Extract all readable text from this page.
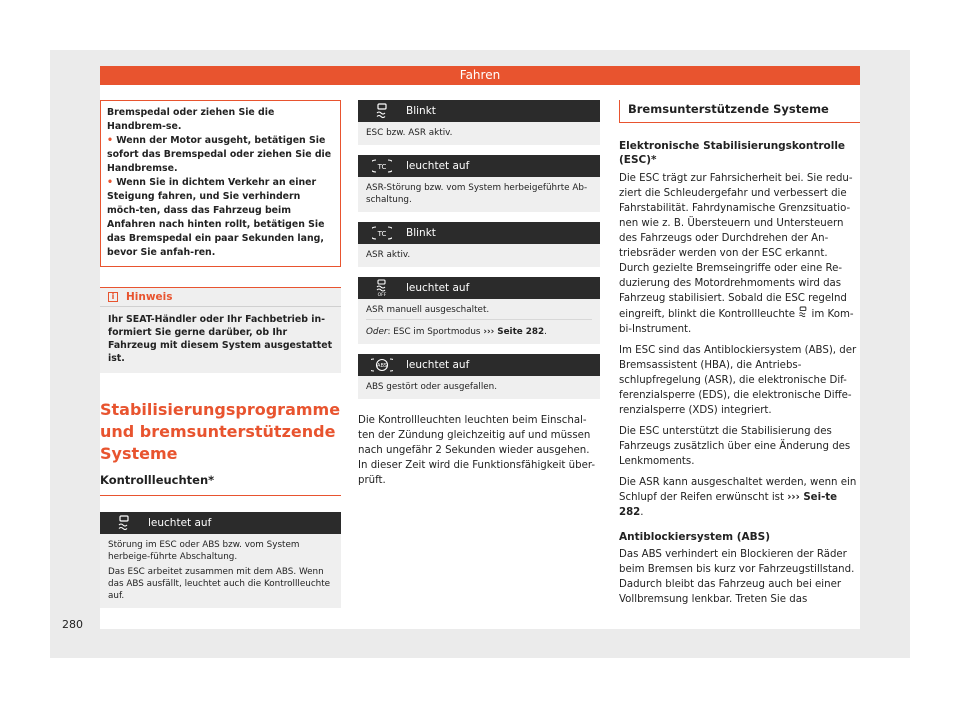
Fahren
280

Bremspedal oder ziehen Sie die Handbrem-se.

• Wenn der Motor ausgeht, betätigen Sie sofort das Bremspedal oder ziehen Sie die Handbremse.

• Wenn Sie in dichtem Verkehr an einer Steigung fahren, und Sie verhindern möch-ten, dass das Fahrzeug beim Anfahren nach hinten rollt, betätigen Sie das Bremspedal ein paar Sekunden lang, bevor Sie anfah-ren.

i	Hinweis
Ihr SEAT-Händler oder Ihr Fachbetrieb in-formiert Sie gerne darüber, ob Ihr Fahrzeug mit diesem System ausgestattet ist.
Stabilisierungsprogramme und bremsunterstützende Systeme
Kontrollleuchten*
leuchtet auf

Störung im ESC oder ABS bzw. vom System herbeige-führte Abschaltung.

Das ESC arbeitet zusammen mit dem ABS. Wenn das ABS ausfällt, leuchtet auch die Kontrollleuchte auf.

Blinkt
ESC bzw. ASR aktiv.
TC leuchtet auf
ASR-Störung bzw. vom System herbeigeführte Ab-schaltung.
TC Blinkt
ASR aktiv.
OFF
leuchtet auf

ASR manuell ausgeschaltet.

Oder: ESC im Sportmodus ››› Seite 282.

ABS leuchtet auf
ABS gestört oder ausgefallen.
Die Kontrollleuchten leuchten beim Einschal-ten der Zündung gleichzeitig auf und müssen nach ungefähr 2 Sekunden wieder ausgehen. In dieser Zeit wird die Funktionsfähigkeit über-prüft.
Bremsunterstützende Systeme
Elektronische Stabilisierungskontrolle (ESC)*

Die ESC trägt zur Fahrsicherheit bei. Sie redu-ziert die Schleudergefahr und verbessert die Fahrstabilität. Fahrdynamische Grenzsituatio-nen wie z. B. Übersteuern und Untersteuern des Fahrzeugs oder Durchdrehen der An-triebsräder werden von der ESC erkannt. Durch gezielte Bremseingriffe oder eine Re-duzierung des Motordrehmoments wird das Fahrzeug stabilisiert. Sobald die ESC regelnd eingreift, blinkt die Kontrollleuchte  im Kom-bi-Instrument.

Im ESC sind das Antiblockiersystem (ABS), der Bremsassistent (HBA), die Antriebs-schlupfregelung (ASR), die elektronische Dif-ferenzialsperre (EDS), die elektronische Diffe-renzialsperre (XDS) integriert.

Die ESC unterstützt die Stabilisierung des Fahrzeugs zusätzlich über eine Änderung des Lenkmoments.

Die ASR kann ausgeschaltet werden, wenn ein Schlupf der Reifen erwünscht ist ››› Sei-te 282.

Antiblockiersystem (ABS)

Das ABS verhindert ein Blockieren der Räder beim Bremsen bis kurz vor Fahrzeugstillstand. Dadurch bleibt das Fahrzeug auch bei einer Vollbremsung lenkbar. Treten Sie das
